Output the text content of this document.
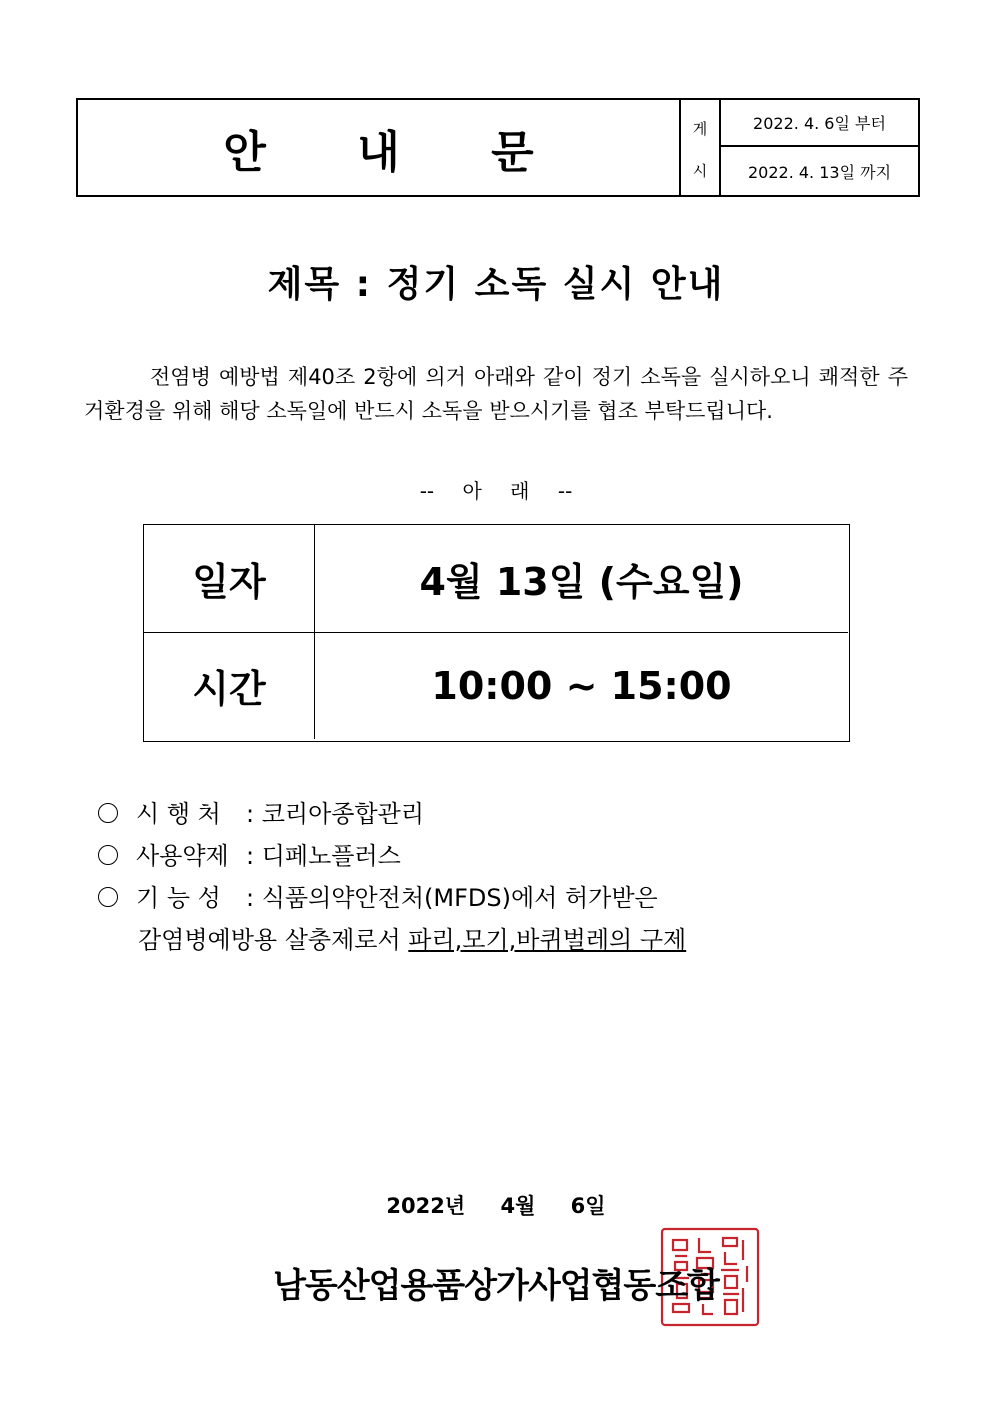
안 내 문	게
시
2022. 4. 6일 부터
2022. 4. 13일 까지
제목 : 정기 소독 실시 안내

전염병 예방법 제40조 2항에 의거 아래와 같이 정기 소독을 실시하오니 쾌적한 주거환경을 위해 해당 소독일에 반드시 소독을 받으시기를 협조 부탁드립니다.

-- 아 래 --
일자	4월 13일 (수요일)
시간	10:00 ~ 15:00
시 행 처 : 코리아종합관리
사용약제 : 디페노플러스
기 능 성 : 식품의약안전처(MFDS)에서 허가받은
감염병예방용 살충제로서 파리,모기,바퀴벌레의 구제
2022년 4월 6일
남동산업용품상가사업협동조합
